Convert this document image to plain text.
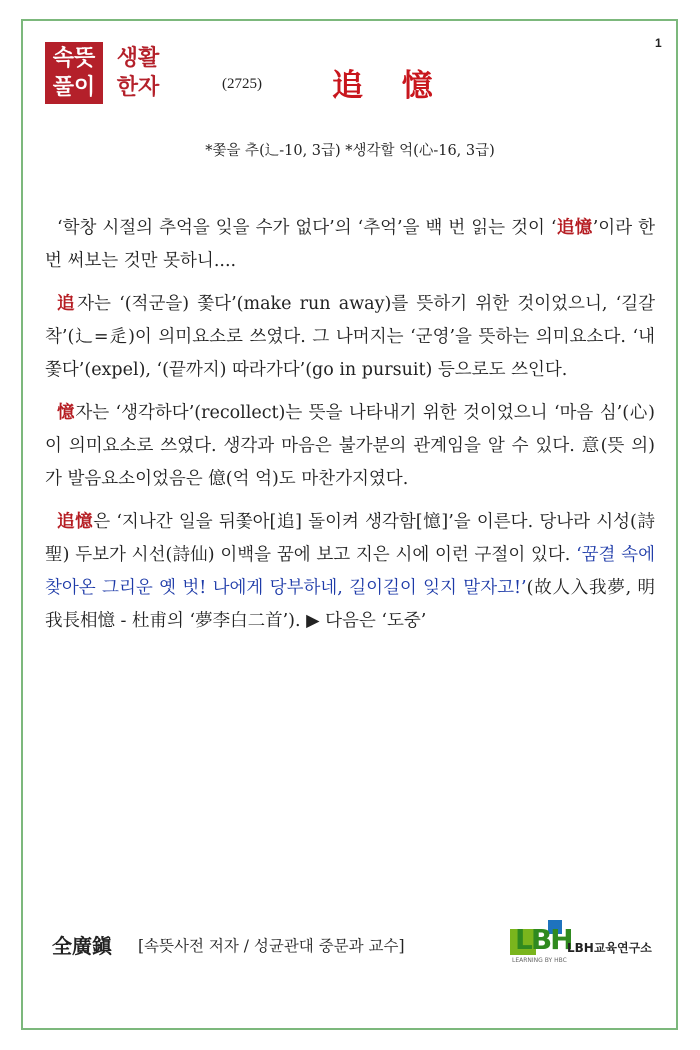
1
속뜻
풀이
생활
한자	(2725) 追 憶
*쫓을 추(辶-10, 3급) *생각할 억(心-16, 3급)

‘학창 시절의 추억을 잊을 수가 없다’의 ‘추억’을 백 번 읽는 것이 ‘追憶’이라 한 번 써보는 것만 못하니....

追자는 ‘(적군을) 쫓다’(make run away)를 뜻하기 위한 것이었으니, ‘길갈 착’(辶=辵)이 의미요소로 쓰였다. 그 나머지는 ‘군영’을 뜻하는 의미요소다. ‘내쫓다’(expel), ‘(끝까지) 따라가다’(go in pursuit) 등으로도 쓰인다.

憶자는 ‘생각하다’(recollect)는 뜻을 나타내기 위한 것이었으니 ‘마음 심’(心)이 의미요소로 쓰였다. 생각과 마음은 불가분의 관계임을 알 수 있다. 意(뜻 의)가 발음요소이었음은 億(억 억)도 마찬가지였다.

追憶은 ‘지나간 일을 뒤쫓아[追] 돌이켜 생각함[憶]’을 이른다. 당나라 시성(詩聖) 두보가 시선(詩仙) 이백을 꿈에 보고 지은 시에 이런 구절이 있다. ‘꿈결 속에 찾아온 그리운 옛 벗! 나에게 당부하네, 길이길이 잊지 말자고!’(故人入我夢, 明我長相憶 - 杜甫의 ‘夢李白二首’). ▶ 다음은 ‘도중’

全廣鎭 [속뜻사전 저자 / 성균관대 중문과 교수]	LBH
LEARNING BY HBC
LBH교육연구소
